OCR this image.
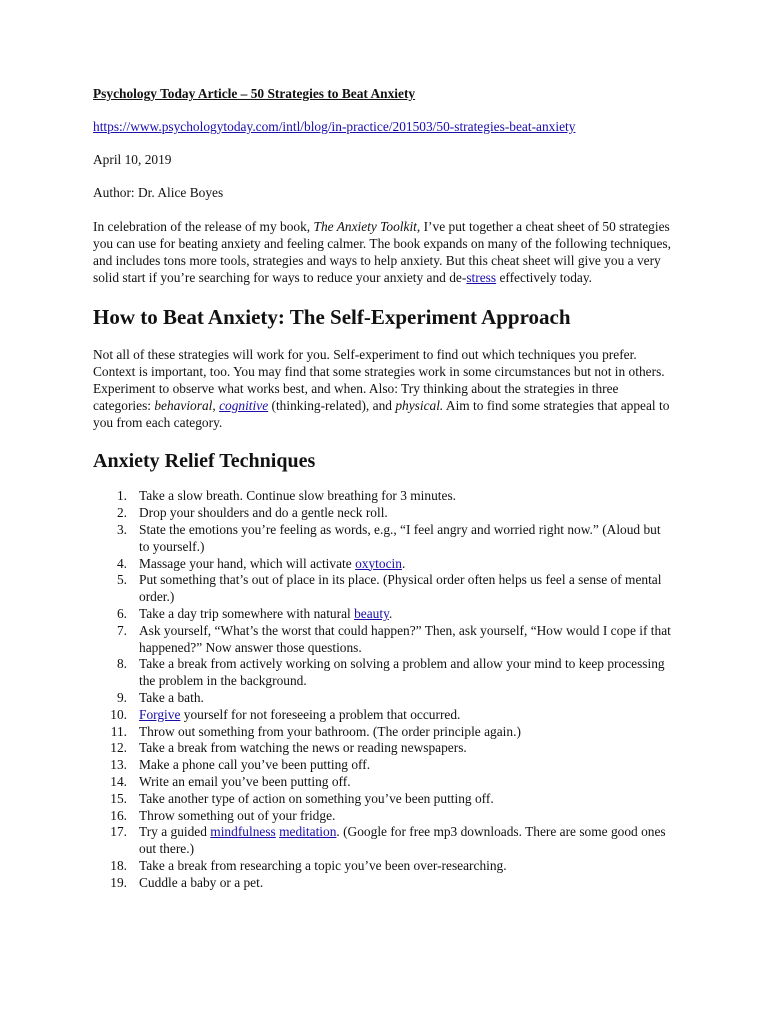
Psychology Today Article – 50 Strategies to Beat Anxiety

https://www.psychologytoday.com/intl/blog/in-practice/201503/50-strategies-beat-anxiety

April 10, 2019

Author: Dr. Alice Boyes

In celebration of the release of my book, The Anxiety Toolkit, I’ve put together a cheat sheet of 50 strategies you can use for beating anxiety and feeling calmer. The book expands on many of the following techniques, and includes tons more tools, strategies and ways to help anxiety. But this cheat sheet will give you a very solid start if you’re searching for ways to reduce your anxiety and de-stress effectively today.

How to Beat Anxiety: The Self-Experiment Approach

Not all of these strategies will work for you. Self-experiment to find out which techniques you prefer. Context is important, too. You may find that some strategies work in some circumstances but not in others. Experiment to observe what works best, and when. Also: Try thinking about the strategies in three categories: behavioral, cognitive (thinking-related), and physical. Aim to find some strategies that appeal to you from each category.

Anxiety Relief Techniques
1. Take a slow breath. Continue slow breathing for 3 minutes.
2. Drop your shoulders and do a gentle neck roll.
3. State the emotions you’re feeling as words, e.g., “I feel angry and worried right now.” (Aloud but to yourself.)
4. Massage your hand, which will activate oxytocin.
5. Put something that’s out of place in its place. (Physical order often helps us feel a sense of mental order.)
6. Take a day trip somewhere with natural beauty.
7. Ask yourself, “What’s the worst that could happen?” Then, ask yourself, “How would I cope if that happened?” Now answer those questions.
8. Take a break from actively working on solving a problem and allow your mind to keep processing the problem in the background.
9. Take a bath.
10. Forgive yourself for not foreseeing a problem that occurred.
11. Throw out something from your bathroom. (The order principle again.)
12. Take a break from watching the news or reading newspapers.
13. Make a phone call you’ve been putting off.
14. Write an email you’ve been putting off.
15. Take another type of action on something you’ve been putting off.
16. Throw something out of your fridge.
17. Try a guided mindfulness meditation. (Google for free mp3 downloads. There are some good ones out there.)
18. Take a break from researching a topic you’ve been over-researching.
19. Cuddle a baby or a pet.
